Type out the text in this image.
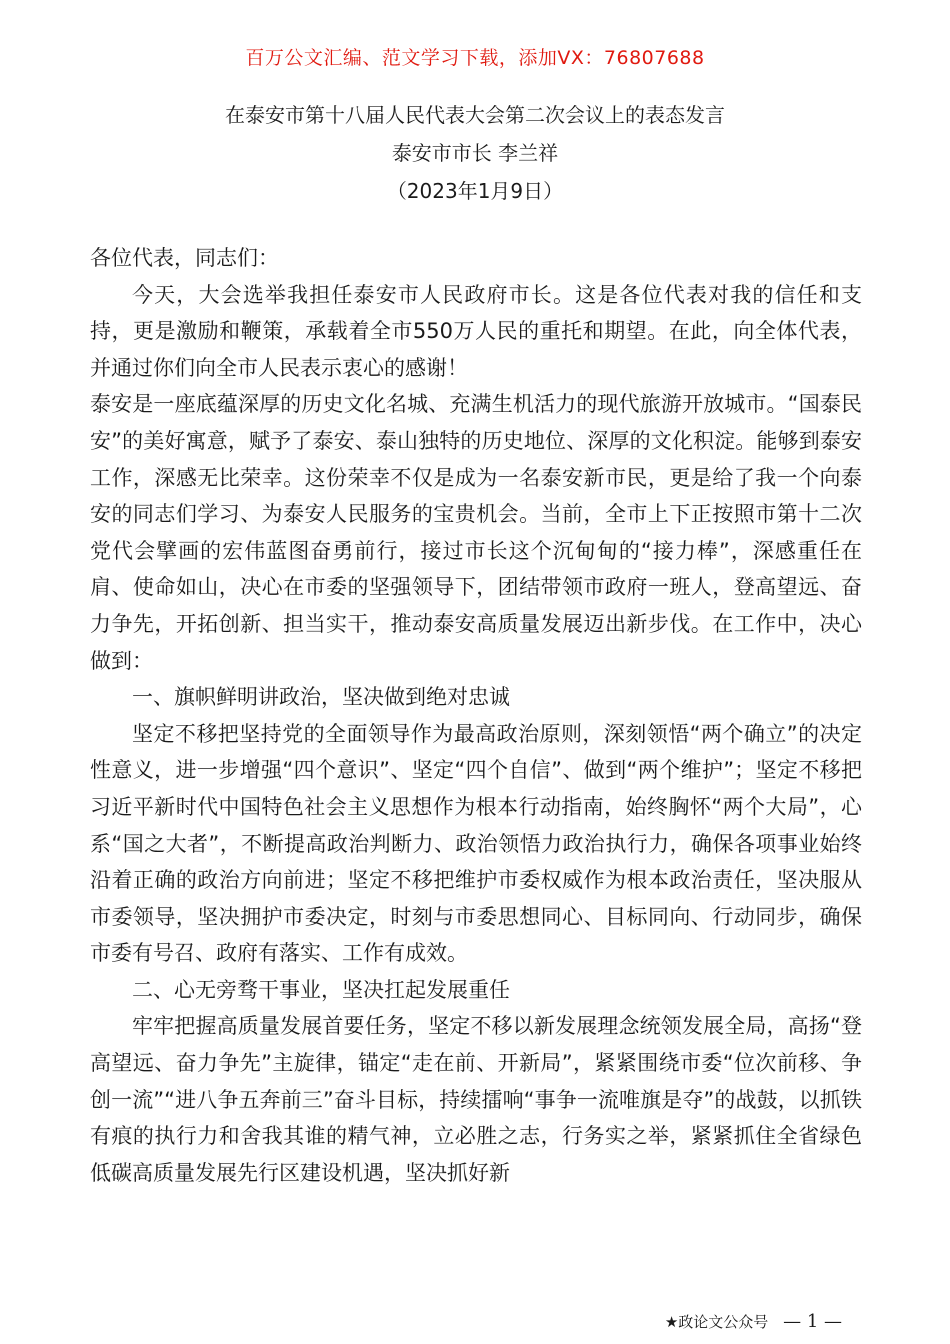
百万公文汇编、范文学习下载，添加VX：76807688
在泰安市第十八届人民代表大会第二次会议上的表态发言
泰安市市长 李兰祥
（2023年1月9日）

各位代表，同志们：

今天，大会选举我担任泰安市人民政府市长。这是各位代表对我的信任和支持，更是激励和鞭策，承载着全市550万人民的重托和期望。在此，向全体代表，并通过你们向全市人民表示衷心的感谢！

泰安是一座底蕴深厚的历史文化名城、充满生机活力的现代旅游开放城市。“国泰民安”的美好寓意，赋予了泰安、泰山独特的历史地位、深厚的文化积淀。能够到泰安工作，深感无比荣幸。这份荣幸不仅是成为一名泰安新市民，更是给了我一个向泰安的同志们学习、为泰安人民服务的宝贵机会。当前，全市上下正按照市第十二次党代会擘画的宏伟蓝图奋勇前行，接过市长这个沉甸甸的“接力棒”，深感重任在肩、使命如山，决心在市委的坚强领导下，团结带领市政府一班人，登高望远、奋力争先，开拓创新、担当实干，推动泰安高质量发展迈出新步伐。在工作中，决心做到：

一、旗帜鲜明讲政治，坚决做到绝对忠诚

坚定不移把坚持党的全面领导作为最高政治原则，深刻领悟“两个确立”的决定性意义，进一步增强“四个意识”、坚定“四个自信”、做到“两个维护”；坚定不移把习近平新时代中国特色社会主义思想作为根本行动指南，始终胸怀“两个大局”，心系“国之大者”，不断提高政治判断力、政治领悟力政治执行力，确保各项事业始终沿着正确的政治方向前进；坚定不移把维护市委权威作为根本政治责任，坚决服从市委领导，坚决拥护市委决定，时刻与市委思想同心、目标同向、行动同步，确保市委有号召、政府有落实、工作有成效。

二、心无旁骛干事业，坚决扛起发展重任

牢牢把握高质量发展首要任务，坚定不移以新发展理念统领发展全局，高扬“登高望远、奋力争先”主旋律，锚定“走在前、开新局”，紧紧围绕市委“位次前移、争创一流”“进八争五奔前三”奋斗目标，持续擂响“事争一流唯旗是夺”的战鼓，以抓铁有痕的执行力和舍我其谁的精气神，立必胜之志，行务实之举，紧紧抓住全省绿色低碳高质量发展先行区建设机遇，坚决抓好新

★政论文公众号 — 1 —
